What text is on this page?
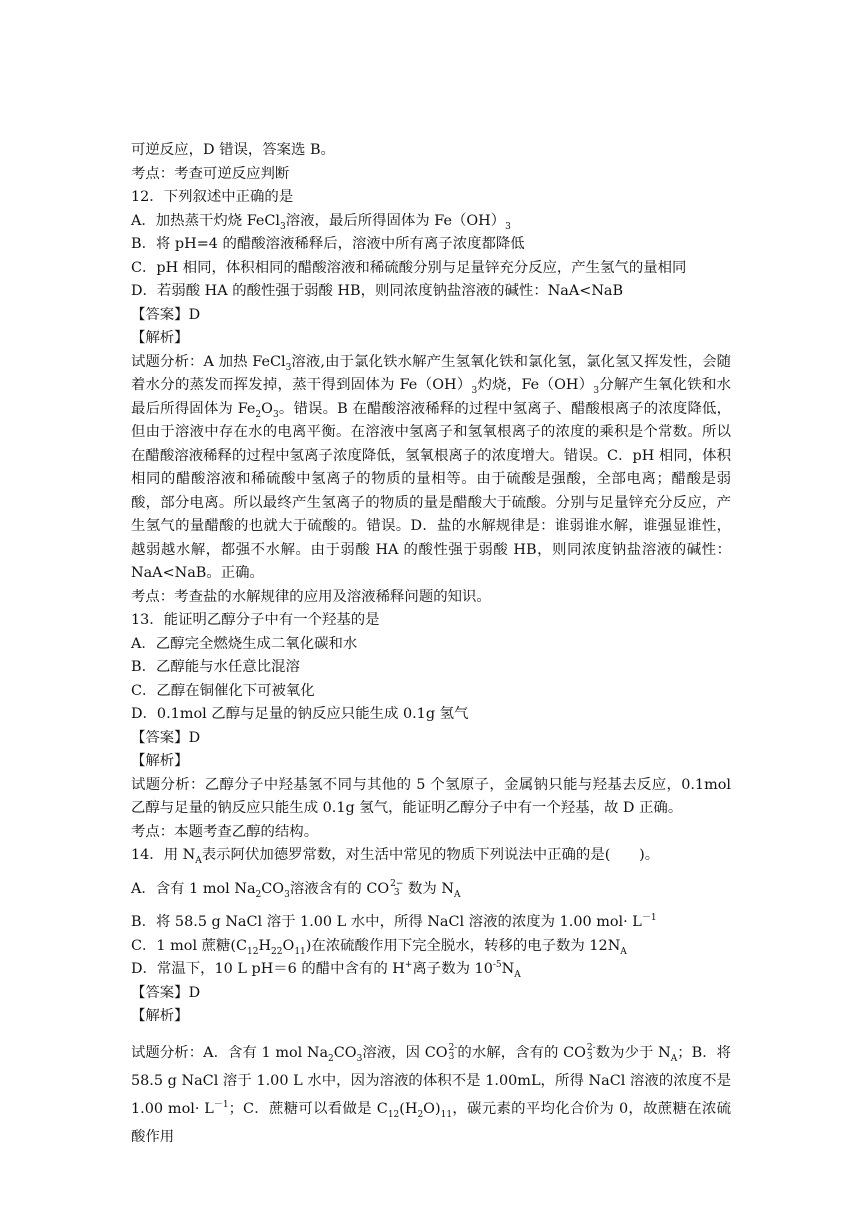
可逆反应，D 错误，答案选 B。

考点：考查可逆反应判断

12．下列叙述中正确的是

A．加热蒸干灼烧 FeCl$_3$溶液，最后所得固体为 $Fe(OH)_3$

B．将 pH=4 的醋酸溶液稀释后，溶液中所有离子浓度都降低

C．pH 相同，体积相同的醋酸溶液和稀硫酸分别与足量锌充分反应，产生氢气的量相同

D．若弱酸 HA 的酸性强于弱酸 HB，则同浓度钠盐溶液的碱性：NaA<NaB

【答案】D

【解析】

试题分析：A 加热 FeCl$_3$溶液,由于氯化铁水解产生氢氧化铁和氯化氢，氯化氢又挥发性，会随着水分的蒸发而挥发掉，蒸干得到固体为 $Fe(OH)_3$灼烧，$Fe(OH)_3$分解产生氧化铁和水最后所得固体为 $Fe_2O_3$。错误。B 在醋酸溶液稀释的过程中氢离子、醋酸根离子的浓度降低，但由于溶液中存在水的电离平衡。在溶液中氢离子和氢氧根离子的浓度的乘积是个常数。所以在醋酸溶液稀释的过程中氢离子浓度降低，氢氧根离子的浓度增大。错误。C．pH 相同，体积相同的醋酸溶液和稀硫酸中氢离子的物质的量相等。由于硫酸是强酸，全部电离；醋酸是弱酸，部分电离。所以最终产生氢离子的物质的量是醋酸大于硫酸。分别与足量锌充分反应，产生氢气的量醋酸的也就大于硫酸的。错误。D．盐的水解规律是：谁弱谁水解，谁强显谁性，越弱越水解，都强不水解。由于弱酸 HA 的酸性强于弱酸 HB，则同浓度钠盐溶液的碱性：NaA<NaB。正确。

考点：考查盐的水解规律的应用及溶液稀释问题的知识。

13．能证明乙醇分子中有一个羟基的是

A．乙醇完全燃烧生成二氧化碳和水

B．乙醇能与水任意比混溶

C．乙醇在铜催化下可被氧化

D．0.1mol 乙醇与足量的钠反应只能生成 0.1g 氢气

【答案】D

【解析】

试题分析：乙醇分子中羟基氢不同与其他的 5 个氢原子，金属钠只能与羟基去反应，0.1mol 乙醇与足量的钠反应只能生成 0.1g 氢气，能证明乙醇分子中有一个羟基，故 D 正确。

考点：本题考查乙醇的结构。

14．用 $N_A$表示阿伏加德罗常数，对生活中常见的物质下列说法中正确的是(　　)。

A．含有 1 mol $Na_2CO_3$溶液含有的 CO 2−
3 数为 $N_A$

B．将 58.5 g NaCl 溶于 1.00 L 水中，所得 NaCl 溶液的浓度为 1.00 $mol\cdot L^{-1}$

C．1 mol 蔗糖$(C_{12}H_{22}O_{11})$在浓硫酸作用下完全脱水，转移的电子数为 $12N_A$

D．常温下，10 L pH＝6 的醋中含有的 H+离子数为 $10^{-5}N_A$

【答案】D

【解析】

试题分析：A．含有 1 mol $Na_2CO_3$溶液，因 CO 2-
3 的水解，含有的 CO 2-
3 数为少于 $N_A$；B．将 58.5 g NaCl 溶于 1.00 L 水中，因为溶液的体积不是 1.00mL，所得 NaCl 溶液的浓度不是 1.00 $mol\cdot L^{-1}$；C．蔗糖可以看做是 $C_{12}(H_2O)_{11}$，碳元素的平均化合价为 0，故蔗糖在浓硫酸作用
